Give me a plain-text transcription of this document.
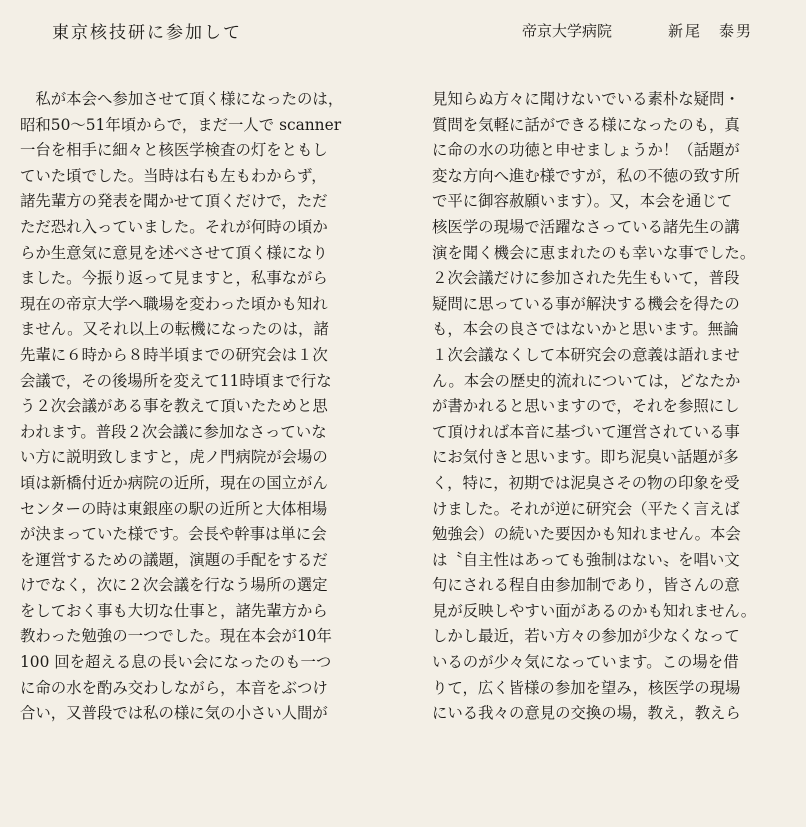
東京核技研に参加して	帝京大学病院	新尾　泰男
　私が本会へ参加させて頂く様になったのは，
昭和50〜51年頃からで，まだ一人で scanner
一台を相手に細々と核医学検査の灯をともし
ていた頃でした。当時は右も左もわからず，
諸先輩方の発表を聞かせて頂くだけで，ただ
ただ恐れ入っていました。それが何時の頃か
らか生意気に意見を述べさせて頂く様になり
ました。今振り返って見ますと，私事ながら
現在の帝京大学へ職場を変わった頃かも知れ
ません。又それ以上の転機になったのは，諸
先輩に６時から８時半頃までの研究会は１次
会議で，その後場所を変えて11時頃まで行な
う２次会議がある事を教えて頂いたためと思
われます。普段２次会議に参加なさっていな
い方に説明致しますと，虎ノ門病院が会場の
頃は新橋付近か病院の近所，現在の国立がん
センターの時は東銀座の駅の近所と大体相場
が決まっていた様です。会長や幹事は単に会
を運営するための議題，演題の手配をするだ
けでなく，次に２次会議を行なう場所の選定
をしておく事も大切な仕事と，諸先輩方から
教わった勉強の一つでした。現在本会が10年
100 回を超える息の長い会になったのも一つ
に命の水を酌み交わしながら，本音をぶつけ
合い，又普段では私の様に気の小さい人間が
見知らぬ方々に聞けないでいる素朴な疑問・
質問を気軽に話ができる様になったのも，真
に命の水の功徳と申せましょうか！（話題が
変な方向へ進む様ですが，私の不徳の致す所
で平に御容赦願います）。又，本会を通じて
核医学の現場で活躍なさっている諸先生の講
演を聞く機会に恵まれたのも幸いな事でした。
２次会議だけに参加された先生もいて，普段
疑問に思っている事が解決する機会を得たの
も，本会の良さではないかと思います。無論
１次会議なくして本研究会の意義は語れませ
ん。本会の歴史的流れについては，どなたか
が書かれると思いますので，それを参照にし
て頂ければ本音に基づいて運営されている事
にお気付きと思います。即ち泥臭い話題が多
く，特に，初期では泥臭さその物の印象を受
けました。それが逆に研究会（平たく言えば
勉強会）の続いた要因かも知れません。本会
は〝自主性はあっても強制はない〟を唱い文
句にされる程自由参加制であり，皆さんの意
見が反映しやすい面があるのかも知れません。
しかし最近，若い方々の参加が少なくなって
いるのが少々気になっています。この場を借
りて，広く皆様の参加を望み，核医学の現場
にいる我々の意見の交換の場，教え，教えら
